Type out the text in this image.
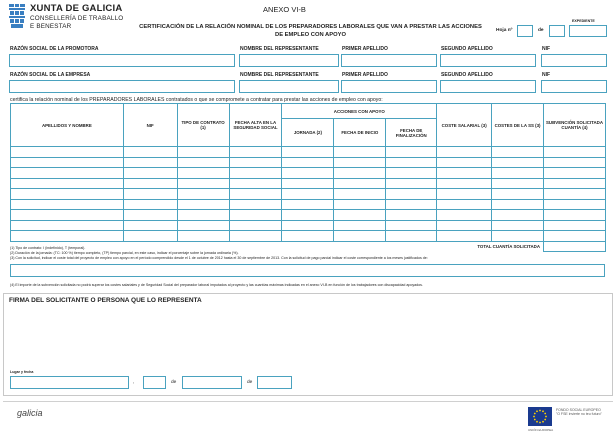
XUNTA DE GALICIA
CONSELLERÍA DE TRABALLO
E BENESTAR
ANEXO VI-B
CERTIFICACIÓN DE LA RELACIÓN NOMINAL DE LOS PREPARADORES LABORALES QUE VAN A PRESTAR LAS ACCIONES
DE EMPLEO CON APOYO
Hoja nº	de
EXPEDIENTE
RAZÓN SOCIAL DE LA PROMOTORA	NOMBRE DEL REPRESENTANTE	PRIMER APELLIDO	SEGUNDO APELLIDO	NIF
RAZÓN SOCIAL DE LA EMPRESA	NOMBRE DEL REPRESENTANTE	PRIMER APELLIDO	SEGUNDO APELLIDO	NIF
certifica la relación nominal de los PREPARADORES LABORALES contratados o que se compromete a contratar para prestar las acciones de empleo con apoyo:
APELLIDOS Y NOMBRE	NIF	TIPO DE CONTRATO (1)	FECHA ALTA EN LA SEGURIDAD SOCIAL	ACCIONES CON APOYO			COSTE SALARIAL (3)	COSTES DE LA SS (3)	SUBVENCIÓN SOLICITADA CUANTÍA (4)
				JORNADA (2)	FECHA DE INICIO	FECHA DE FINALIZACIÓN			

TOTAL CUANTÍA SOLICITADA									
(1) Tipo de contrato: I (indefinido), T (temporal).
(2) Duración de la jornada: (TC: 100 %) tiempo completo, (TP) tiempo parcial, en este caso, indicar el porcentaje sobre la jornada ordinaria (%).
(3) Con la solicitud, indicar el coste total del proyecto de empleo con apoyo en el período comprendido desde el 1 de octubre de 2012 hasta el 30 de septiembre de 2013. Con la solicitud de pago parcial indicar el coste correspondiente a los meses justificados de:
(4) El importe de la subvención solicitada no podrá superar los costes salariales y de Seguridad Social del preparador laboral imputados al proyecto y las cuantías máximas indicadas en el anexo VI-B en función de los trabajadores con discapacidad apoyados.
FIRMA DEL SOLICITANTE O PERSONA QUE LO REPRESENTA
Lugar y fecha
,	de	de
galicia	FONDO SOCIAL EUROPEO
"O FSE invierte no teu futuro"
UNIÓN EUROPEA
